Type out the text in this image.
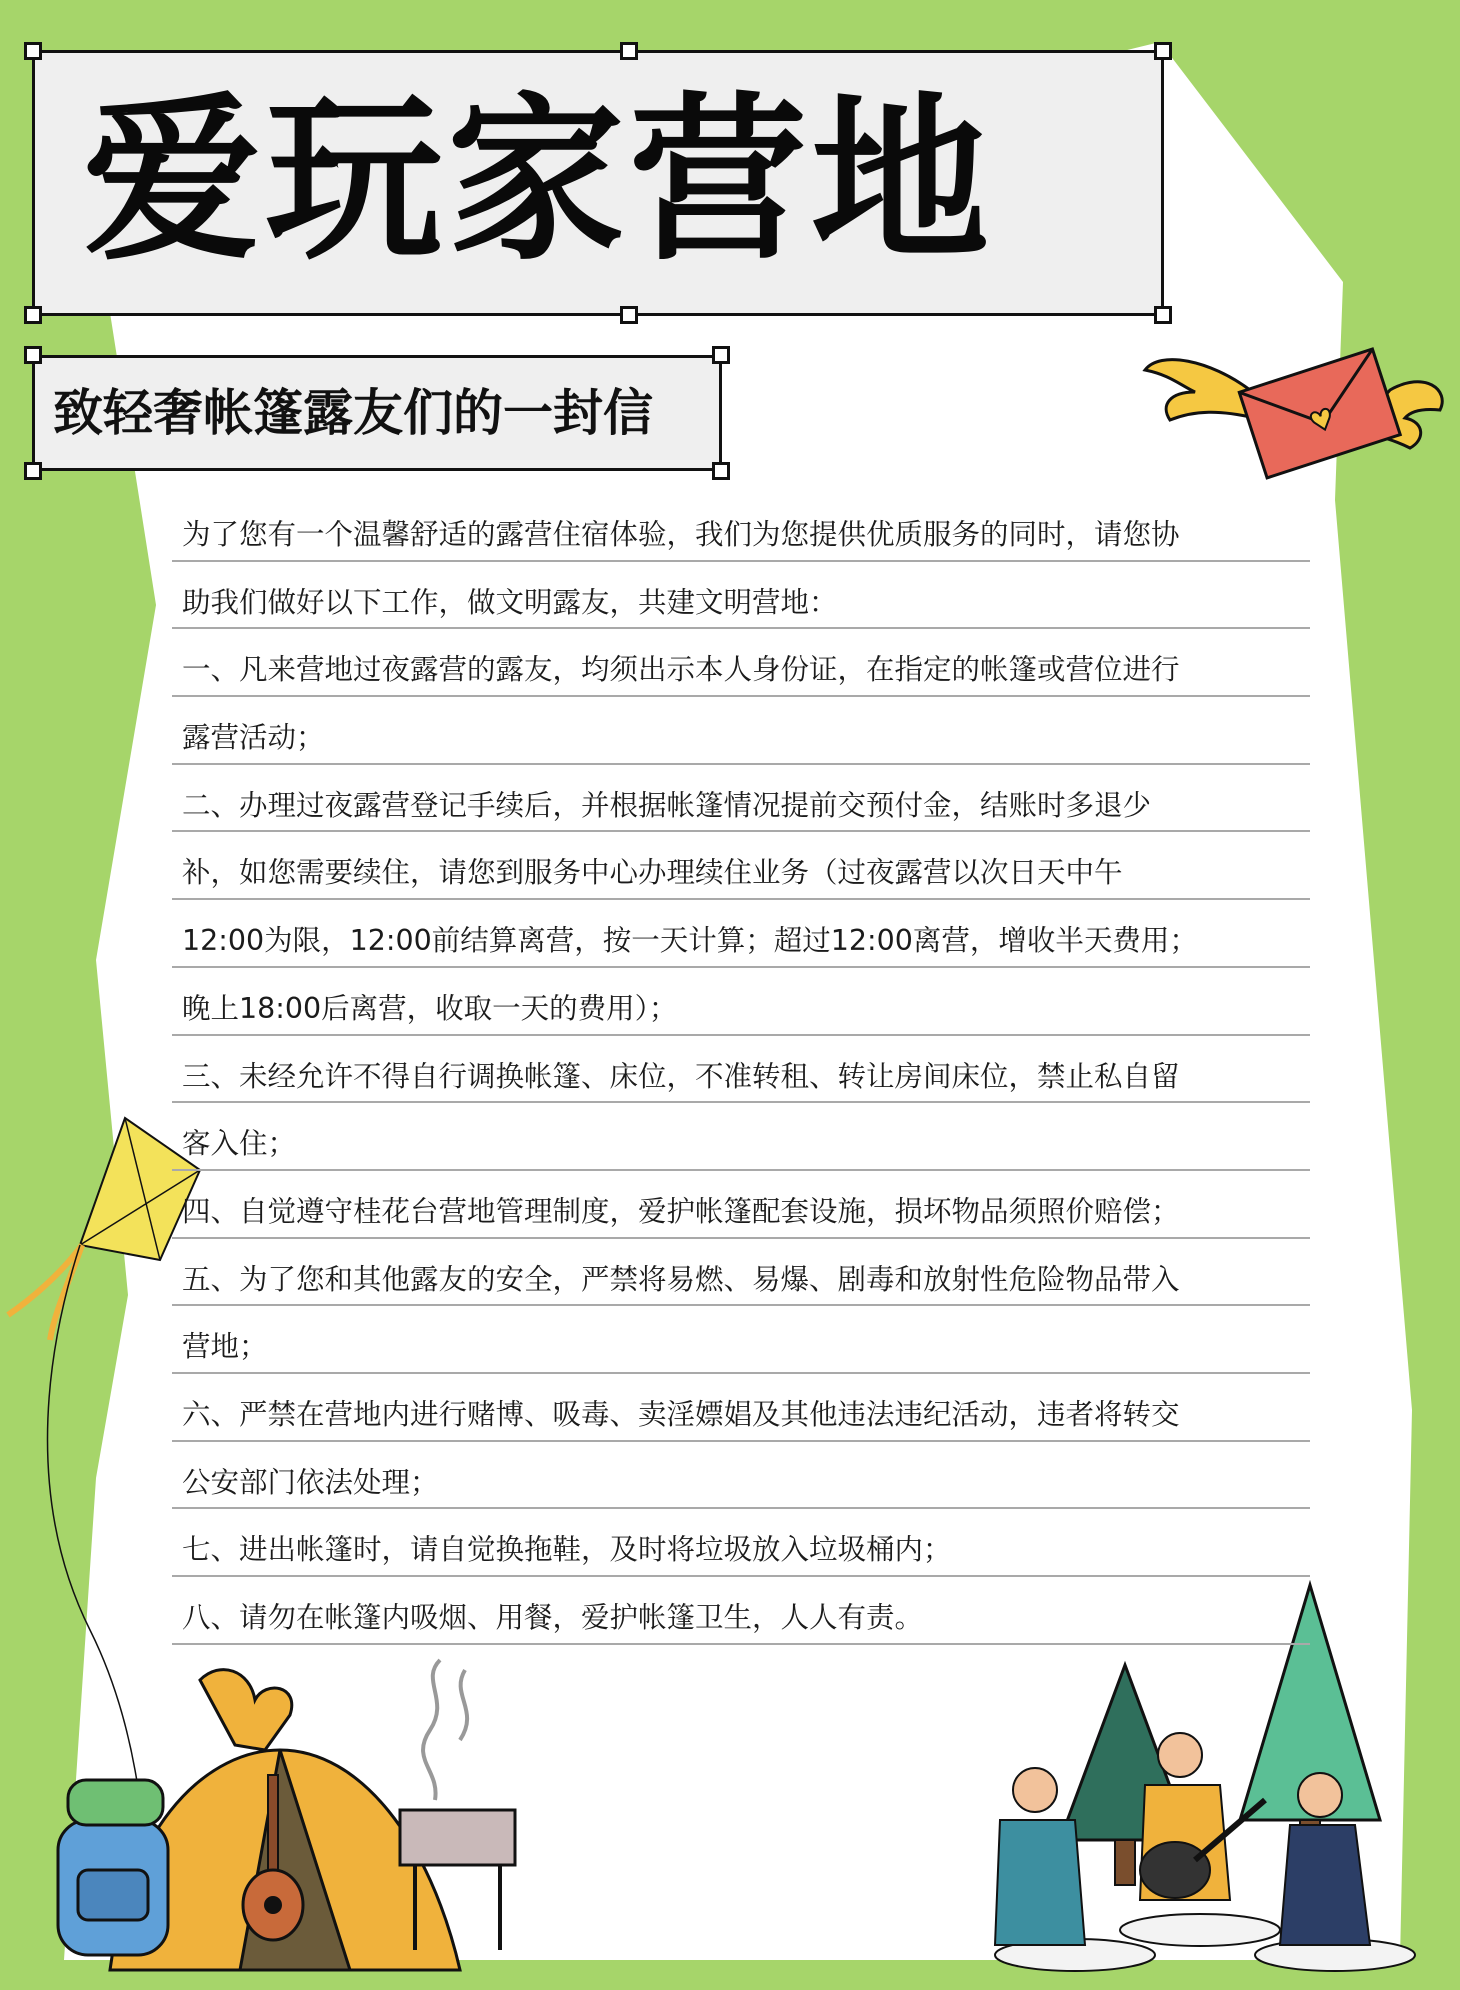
爱玩家营地
致轻奢帐篷露友们的一封信
为了您有一个温馨舒适的露营住宿体验，我们为您提供优质服务的同时，请您协
助我们做好以下工作，做文明露友，共建文明营地：
一、凡来营地过夜露营的露友，均须出示本人身份证，在指定的帐篷或营位进行
露营活动；
二、办理过夜露营登记手续后，并根据帐篷情况提前交预付金，结账时多退少
补，如您需要续住，请您到服务中心办理续住业务（过夜露营以次日天中午
12:00为限，12:00前结算离营，按一天计算；超过12:00离营，增收半天费用；
晚上18:00后离营，收取一天的费用）；
三、未经允许不得自行调换帐篷、床位，不准转租、转让房间床位，禁止私自留
客入住；
四、自觉遵守桂花台营地管理制度，爱护帐篷配套设施，损坏物品须照价赔偿；
五、为了您和其他露友的安全，严禁将易燃、易爆、剧毒和放射性危险物品带入
营地；
六、严禁在营地内进行赌博、吸毒、卖淫嫖娼及其他违法违纪活动，违者将转交
公安部门依法处理；
七、进出帐篷时，请自觉换拖鞋，及时将垃圾放入垃圾桶内；
八、请勿在帐篷内吸烟、用餐，爱护帐篷卫生，人人有责。
